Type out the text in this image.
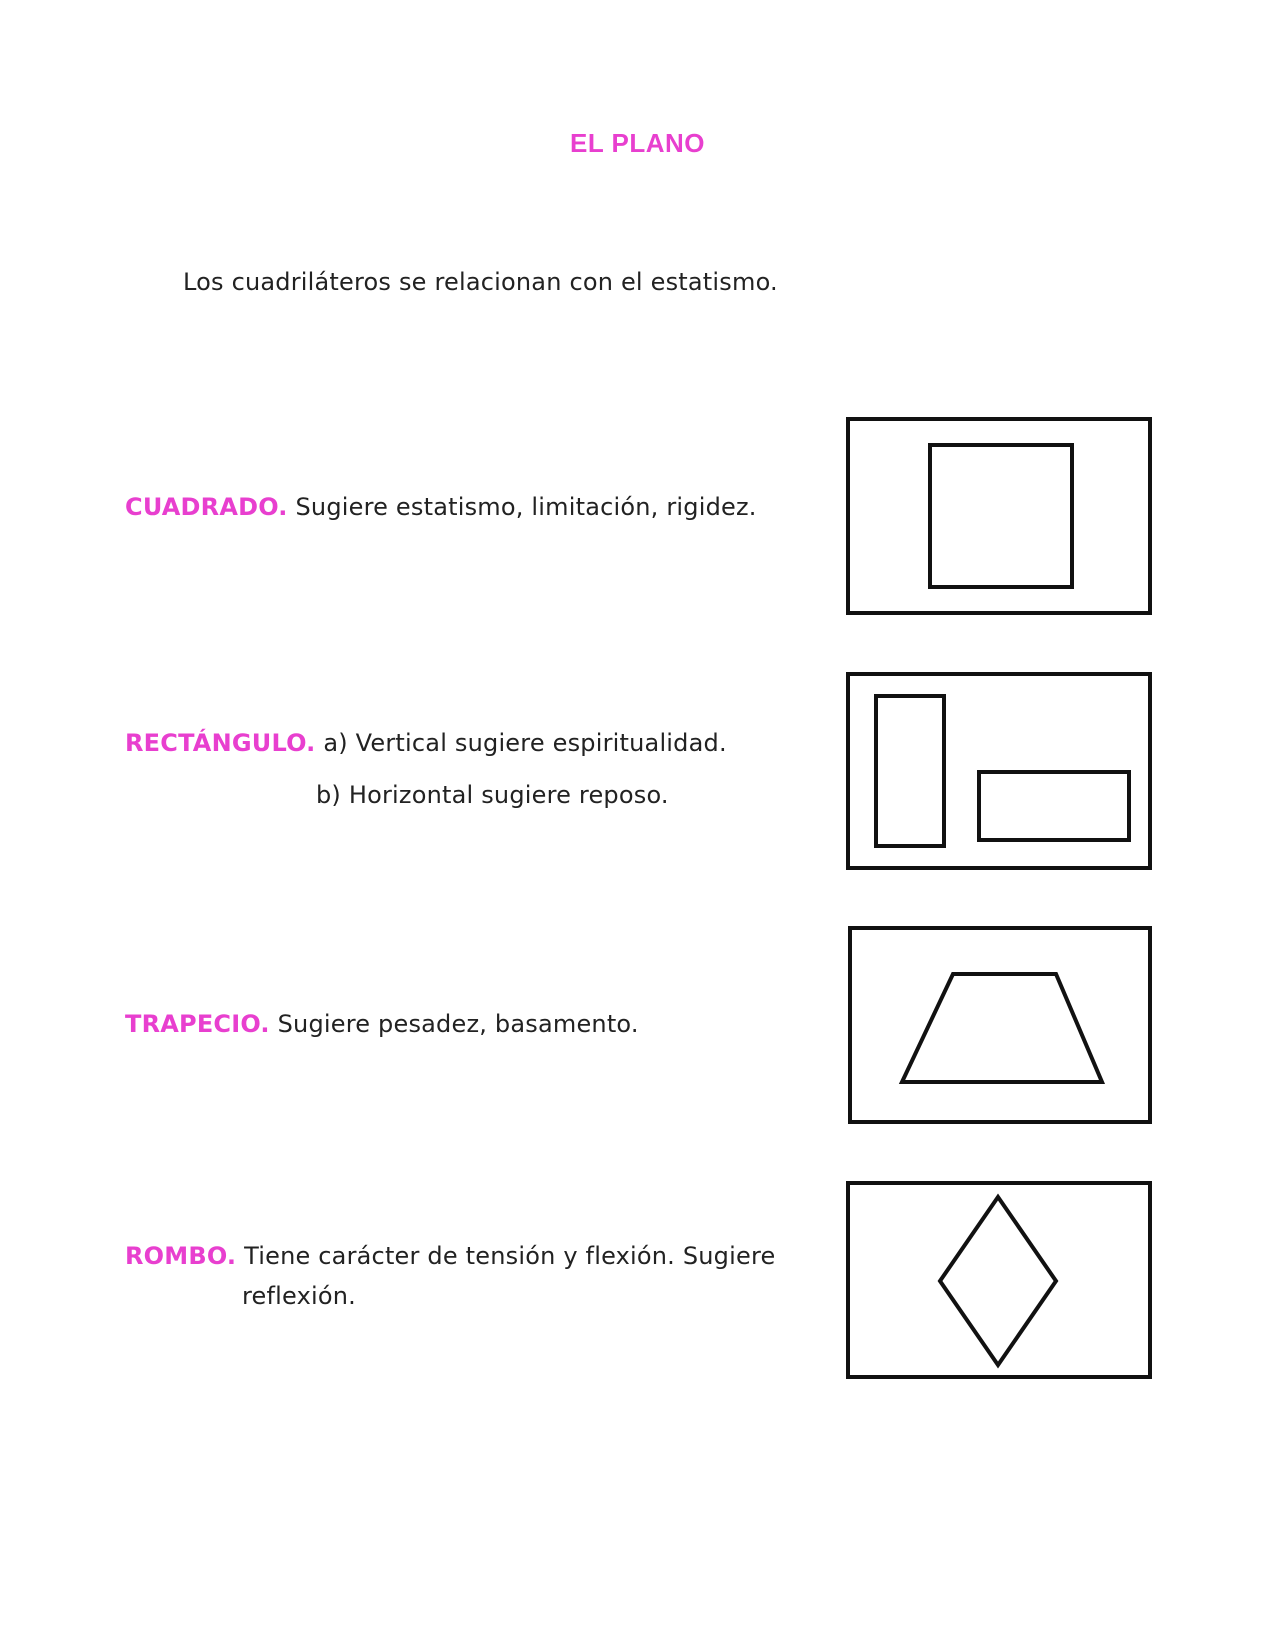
EL PLANO
Los cuadriláteros se relacionan con el estatismo.
CUADRADO. Sugiere estatismo, limitación, rigidez.
RECTÁNGULO. a) Vertical sugiere espiritualidad.
b) Horizontal sugiere reposo.
TRAPECIO. Sugiere pesadez, basamento.
ROMBO. Tiene carácter de tensión y flexión. Sugiere
reflexión.
